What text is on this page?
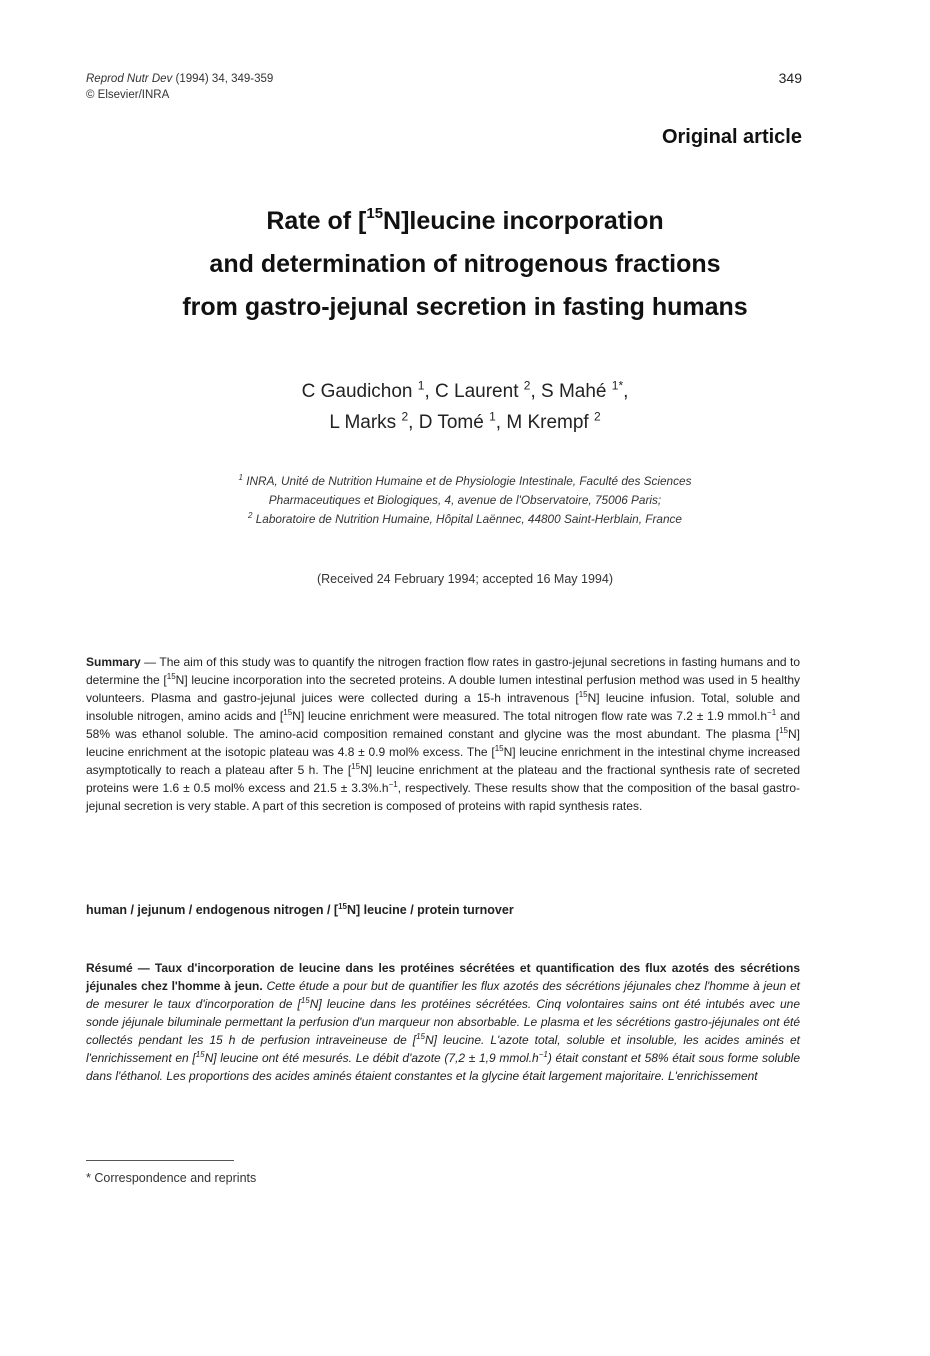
Reprod Nutr Dev (1994) 34, 349-359
© Elsevier/INRA
349
Original article
Rate of [$^{15}$N]leucine incorporation
and determination of nitrogenous fractions
from gastro-jejunal secretion in fasting humans
C Gaudichon $^1$, C Laurent $^2$, S Mahé $^{1*}$,
L Marks $^2$, D Tomé $^1$, M Krempf $^2$
$^1$ INRA, Unité de Nutrition Humaine et de Physiologie Intestinale, Faculté des Sciences
Pharmaceutiques et Biologiques, 4, avenue de l'Observatoire, 75006 Paris;
$^2$ Laboratoire de Nutrition Humaine, Hôpital Laënnec, 44800 Saint-Herblain, France
(Received 24 February 1994; accepted 16 May 1994)
Summary — The aim of this study was to quantify the nitrogen fraction flow rates in gastro-jejunal secretions in fasting humans and to determine the [$^{15}$N] leucine incorporation into the secreted proteins. A double lumen intestinal perfusion method was used in 5 healthy volunteers. Plasma and gastro-jejunal juices were collected during a 15-h intravenous [$^{15}$N] leucine infusion. Total, soluble and insoluble nitrogen, amino acids and [$^{15}$N] leucine enrichment were measured. The total nitrogen flow rate was 7.2 ± 1.9 $mmol.h^{-1}$ and 58% was ethanol soluble. The amino-acid composition remained constant and glycine was the most abundant. The plasma [$^{15}$N] leucine enrichment at the isotopic plateau was 4.8 ± 0.9 mol% excess. The [$^{15}$N] leucine enrichment in the intestinal chyme increased asymptotically to reach a plateau after 5 h. The [$^{15}$N] leucine enrichment at the plateau and the fractional synthesis rate of secreted proteins were 1.6 ± 0.5 mol% excess and $21.5 \pm 3.3\%.h^{-1}$, respectively. These results show that the composition of the basal gastro-jejunal secretion is very stable. A part of this secretion is composed of proteins with rapid synthesis rates.
human / jejunum / endogenous nitrogen / [$^{15}$N] leucine / protein turnover
Résumé — Taux d'incorporation de leucine dans les protéines sécrétées et quantification des flux azotés des sécrétions jéjunales chez l'homme à jeun. Cette étude a pour but de quantifier les flux azotés des sécrétions jéjunales chez l'homme à jeun et de mesurer le taux d'incorporation de [$^{15}$N] leucine dans les protéines sécrétées. Cinq volontaires sains ont été intubés avec une sonde jéjunale biluminale permettant la perfusion d'un marqueur non absorbable. Le plasma et les sécrétions gastro-jéjunales ont été collectés pendant les 15 h de perfusion intraveineuse de [$^{15}$N] leucine. L'azote total, soluble et insoluble, les acides aminés et l'enrichissement en [$^{15}$N] leucine ont été mesurés. Le débit d'azote (7,2 ± 1,9 $mmol.h^{-1}$) était constant et 58% était sous forme soluble dans l'éthanol. Les proportions des acides aminés étaient constantes et la glycine était largement majoritaire. L'enrichissement
* Correspondence and reprints
